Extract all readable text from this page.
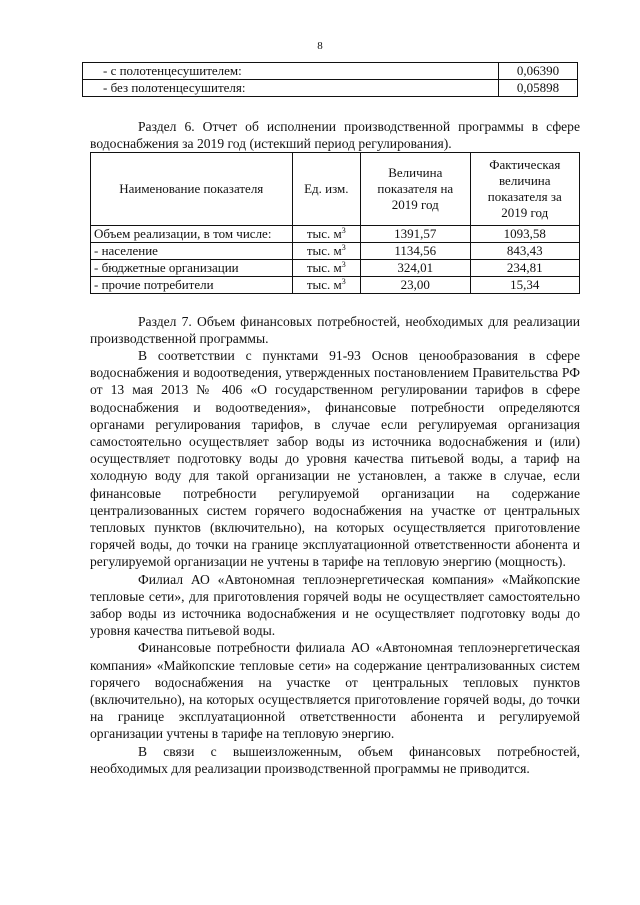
8
- с полотенцесушителем:	0,06390
- без полотенцесушителя:	0,05898

Раздел 6. Отчет об исполнении производственной программы в сфере водоснабжения за 2019 год (истекший период регулирования).

Наименование показателя	Ед. изм.	Величина показателя на 2019 год	Фактическая величина показателя за 2019 год
Объем реализации, в том числе:	тыс. $м^3$	1391,57	1093,58
- население	тыс. $м^3$	1134,56	843,43
- бюджетные организации	тыс. $м^3$	324,01	234,81
- прочие потребители	тыс. $м^3$	23,00	15,34

Раздел 7. Объем финансовых потребностей, необходимых для реализации производственной программы.

В соответствии с пунктами 91-93 Основ ценообразования в сфере водоснабжения и водоотведения, утвержденных постановлением Правительства РФ от 13 мая 2013 № 406 «О государственном регулировании тарифов в сфере водоснабжения и водоотведения», финансовые потребности определяются органами регулирования тарифов, в случае если регулируемая организация самостоятельно осуществляет забор воды из источника водоснабжения и (или) осуществляет подготовку воды до уровня качества питьевой воды, а тариф на холодную воду для такой организации не установлен, а также в случае, если финансовые потребности регулируемой организации на содержание централизованных систем горячего водоснабжения на участке от центральных тепловых пунктов (включительно), на которых осуществляется приготовление горячей воды, до точки на границе эксплуатационной ответственности абонента и регулируемой организации не учтены в тарифе на тепловую энергию (мощность).

Филиал АО «Автономная теплоэнергетическая компания» «Майкопские тепловые сети», для приготовления горячей воды не осуществляет самостоятельно забор воды из источника водоснабжения и не осуществляет подготовку воды до уровня качества питьевой воды.

Финансовые потребности филиала АО «Автономная теплоэнергетическая компания» «Майкопские тепловые сети» на содержание централизованных систем горячего водоснабжения на участке от центральных тепловых пунктов (включительно), на которых осуществляется приготовление горячей воды, до точки на границе эксплуатационной ответственности абонента и регулируемой организации учтены в тарифе на тепловую энергию.

В связи с вышеизложенным, объем финансовых потребностей, необходимых для реализации производственной программы не приводится.
